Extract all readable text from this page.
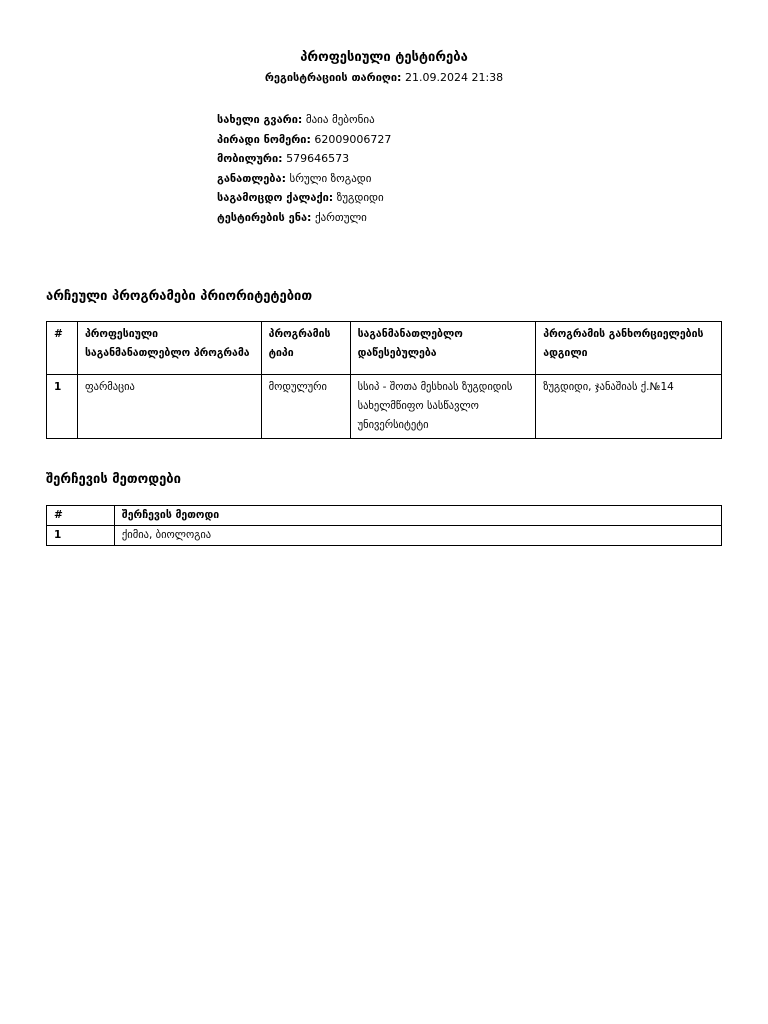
პროფესიული ტესტირება
რეგისტრაციის თარიღი: 21.09.2024 21:38
სახელი გვარი: მაია მებონია
პირადი ნომერი: 62009006727
მობილური: 579646573
განათლება: სრული ზოგადი
საგამოცდო ქალაქი: ზუგდიდი
ტესტირების ენა: ქართული
არჩეული პროგრამები პრიორიტეტებით
#	პროფესიული საგანმანათლებლო პროგრამა	პროგრამის ტიპი	საგანმანათლებლო დაწესებულება	პროგრამის განხორციელების ადგილი
1	ფარმაცია	მოდულური	სსიპ - შოთა მესხიას ზუგდიდის სახელმწიფო სასწავლო უნივერსიტეტი	ზუგდიდი, ჯანაშიას ქ.№14
შერჩევის მეთოდები
#	შერჩევის მეთოდი
1	ქიმია, ბიოლოგია
